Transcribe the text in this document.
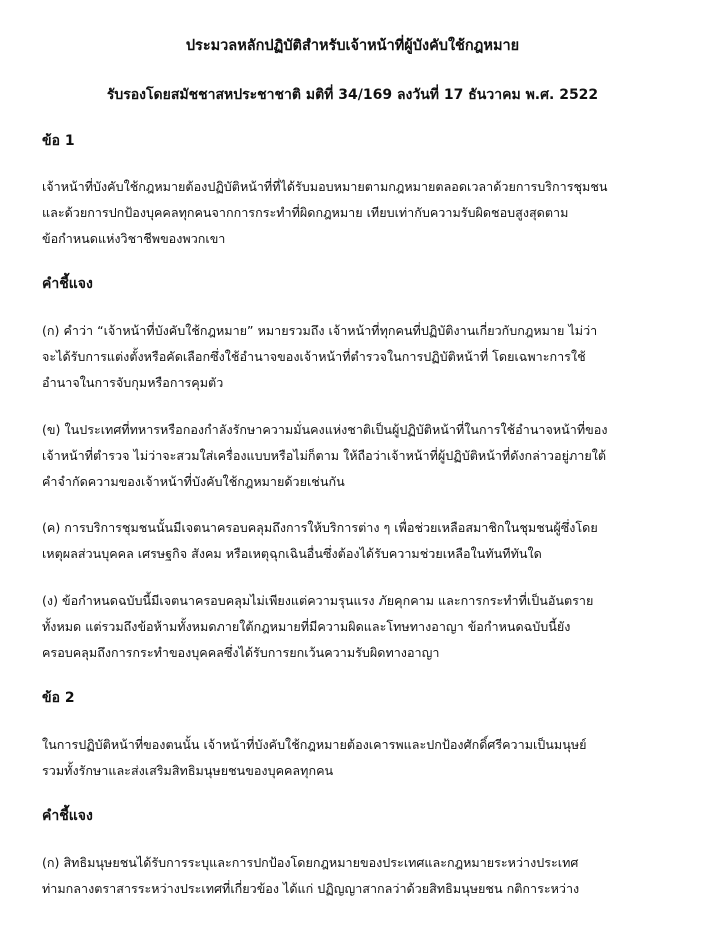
ประมวลหลักปฏิบัติสำหรับเจ้าหน้าที่ผู้บังคับใช้กฎหมาย
รับรองโดยสมัชชาสหประชาชาติ มติที่ 34/169 ลงวันที่ 17 ธันวาคม พ.ศ. 2522
ข้อ 1

เจ้าหน้าที่บังคับใช้กฎหมายต้องปฏิบัติหน้าที่ที่ได้รับมอบหมายตามกฎหมายตลอดเวลาด้วยการบริการชุมชน
และด้วยการปกป้องบุคคลทุกคนจากการกระทำที่ผิดกฎหมาย เทียบเท่ากับความรับผิดชอบสูงสุดตาม
ข้อกำหนดแห่งวิชาชีพของพวกเขา

คำชี้แจง

(ก) คำว่า “เจ้าหน้าที่บังคับใช้กฎหมาย” หมายรวมถึง เจ้าหน้าที่ทุกคนที่ปฏิบัติงานเกี่ยวกับกฎหมาย ไม่ว่า
จะได้รับการแต่งตั้งหรือคัดเลือกซึ่งใช้อำนาจของเจ้าหน้าที่ตำรวจในการปฏิบัติหน้าที่ โดยเฉพาะการใช้
อำนาจในการจับกุมหรือการคุมตัว

(ข) ในประเทศที่ทหารหรือกองกำลังรักษาความมั่นคงแห่งชาติเป็นผู้ปฏิบัติหน้าที่ในการใช้อำนาจหน้าที่ของ
เจ้าหน้าที่ตำรวจ ไม่ว่าจะสวมใส่เครื่องแบบหรือไม่ก็ตาม ให้ถือว่าเจ้าหน้าที่ผู้ปฏิบัติหน้าที่ดังกล่าวอยู่ภายใต้
คำจำกัดความของเจ้าหน้าที่บังคับใช้กฎหมายด้วยเช่นกัน

(ค) การบริการชุมชนนั้นมีเจตนาครอบคลุมถึงการให้บริการต่าง ๆ เพื่อช่วยเหลือสมาชิกในชุมชนผู้ซึ่งโดย
เหตุผลส่วนบุคคล เศรษฐกิจ สังคม หรือเหตุฉุกเฉินอื่นซึ่งต้องได้รับความช่วยเหลือในทันทีทันใด

(ง) ข้อกำหนดฉบับนี้มีเจตนาครอบคลุมไม่เพียงแต่ความรุนแรง ภัยคุกคาม และการกระทำที่เป็นอันตราย
ทั้งหมด แต่รวมถึงข้อห้ามทั้งหมดภายใต้กฎหมายที่มีความผิดและโทษทางอาญา ข้อกำหนดฉบับนี้ยัง
ครอบคลุมถึงการกระทำของบุคคลซึ่งได้รับการยกเว้นความรับผิดทางอาญา

ข้อ 2

ในการปฏิบัติหน้าที่ของตนนั้น เจ้าหน้าที่บังคับใช้กฎหมายต้องเคารพและปกป้องศักดิ์ศรีความเป็นมนุษย์
รวมทั้งรักษาและส่งเสริมสิทธิมนุษยชนของบุคคลทุกคน

คำชี้แจง

(ก) สิทธิมนุษยชนได้รับการระบุและการปกป้องโดยกฎหมายของประเทศและกฎหมายระหว่างประเทศ
ท่ามกลางตราสารระหว่างประเทศที่เกี่ยวข้อง ได้แก่ ปฏิญญาสากลว่าด้วยสิทธิมนุษยชน กติการะหว่าง
